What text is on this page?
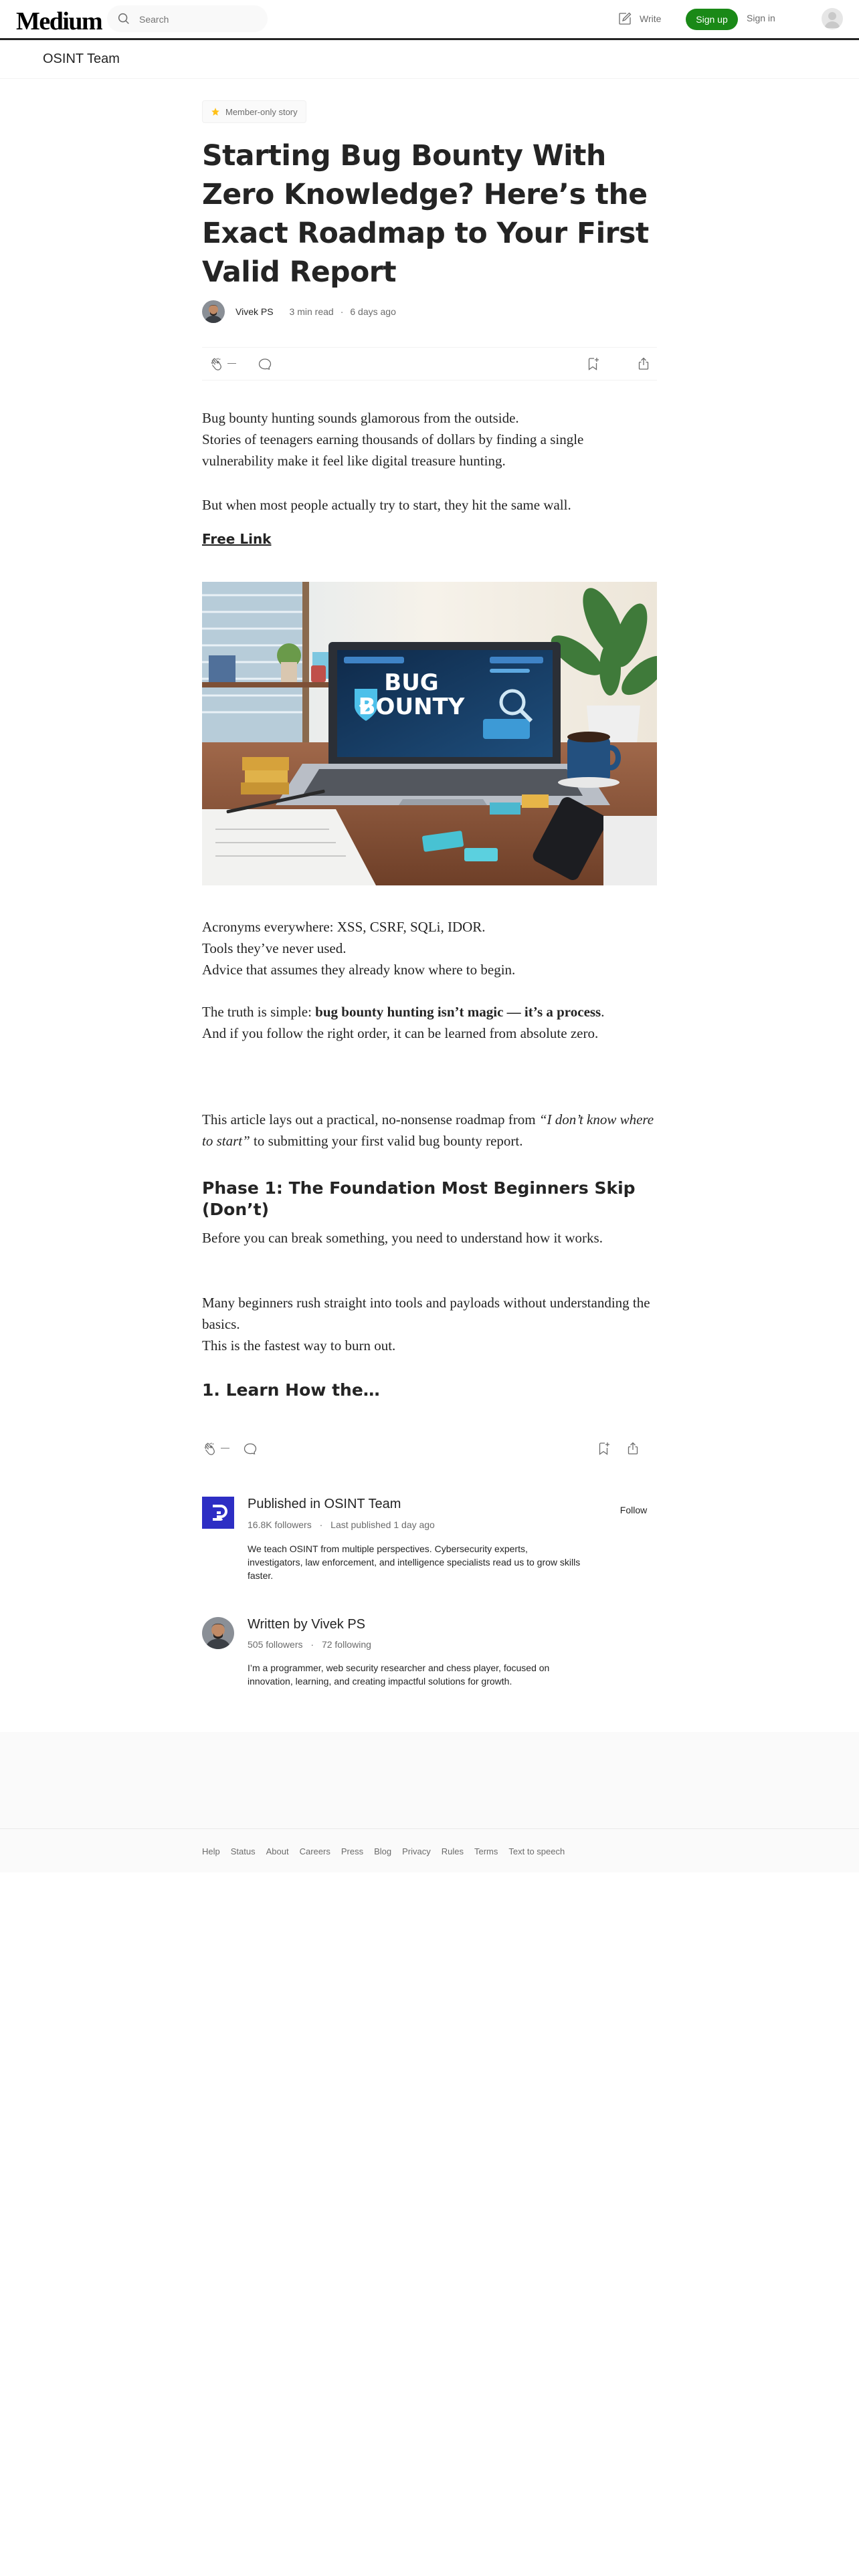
Medium
Search	Write	Sign up	Sign in
OSINT Team
Member-only story
Starting Bug Bounty With Zero Knowledge? Here’s the Exact Roadmap to Your First Valid Report
Vivek PS 3 min read · 6 days ago
—

Bug bounty hunting sounds glamorous from the outside.
Stories of teenagers earning thousands of dollars by finding a single vulnerability make it feel like digital treasure hunting.

But when most people actually try to start, they hit the same wall.

Free Link
BUG
BOUNTY

Acronyms everywhere: XSS, CSRF, SQLi, IDOR.
Tools they’ve never used.
Advice that assumes they already know where to begin.

The truth is simple: bug bounty hunting isn’t magic — it’s a process.
And if you follow the right order, it can be learned from absolute zero.

This article lays out a practical, no-nonsense roadmap from “I don’t know where to start” to submitting your first valid bug bounty report.

Phase 1: The Foundation Most Beginners Skip (Don’t)

Before you can break something, you need to understand how it works.

Many beginners rush straight into tools and payloads without understanding the basics.
This is the fastest way to burn out.

1. Learn How the…
—
Published in OSINT Team
16.8K followers · Last published 1 day ago
We teach OSINT from multiple perspectives. Cybersecurity experts, investigators, law enforcement, and intelligence specialists read us to grow skills faster.
Follow
Written by Vivek PS
505 followers · 72 following
I’m a programmer, web security researcher and chess player, focused on innovation, learning, and creating impactful solutions for growth.
Help Status About Careers Press Blog Privacy Rules Terms Text to speech
